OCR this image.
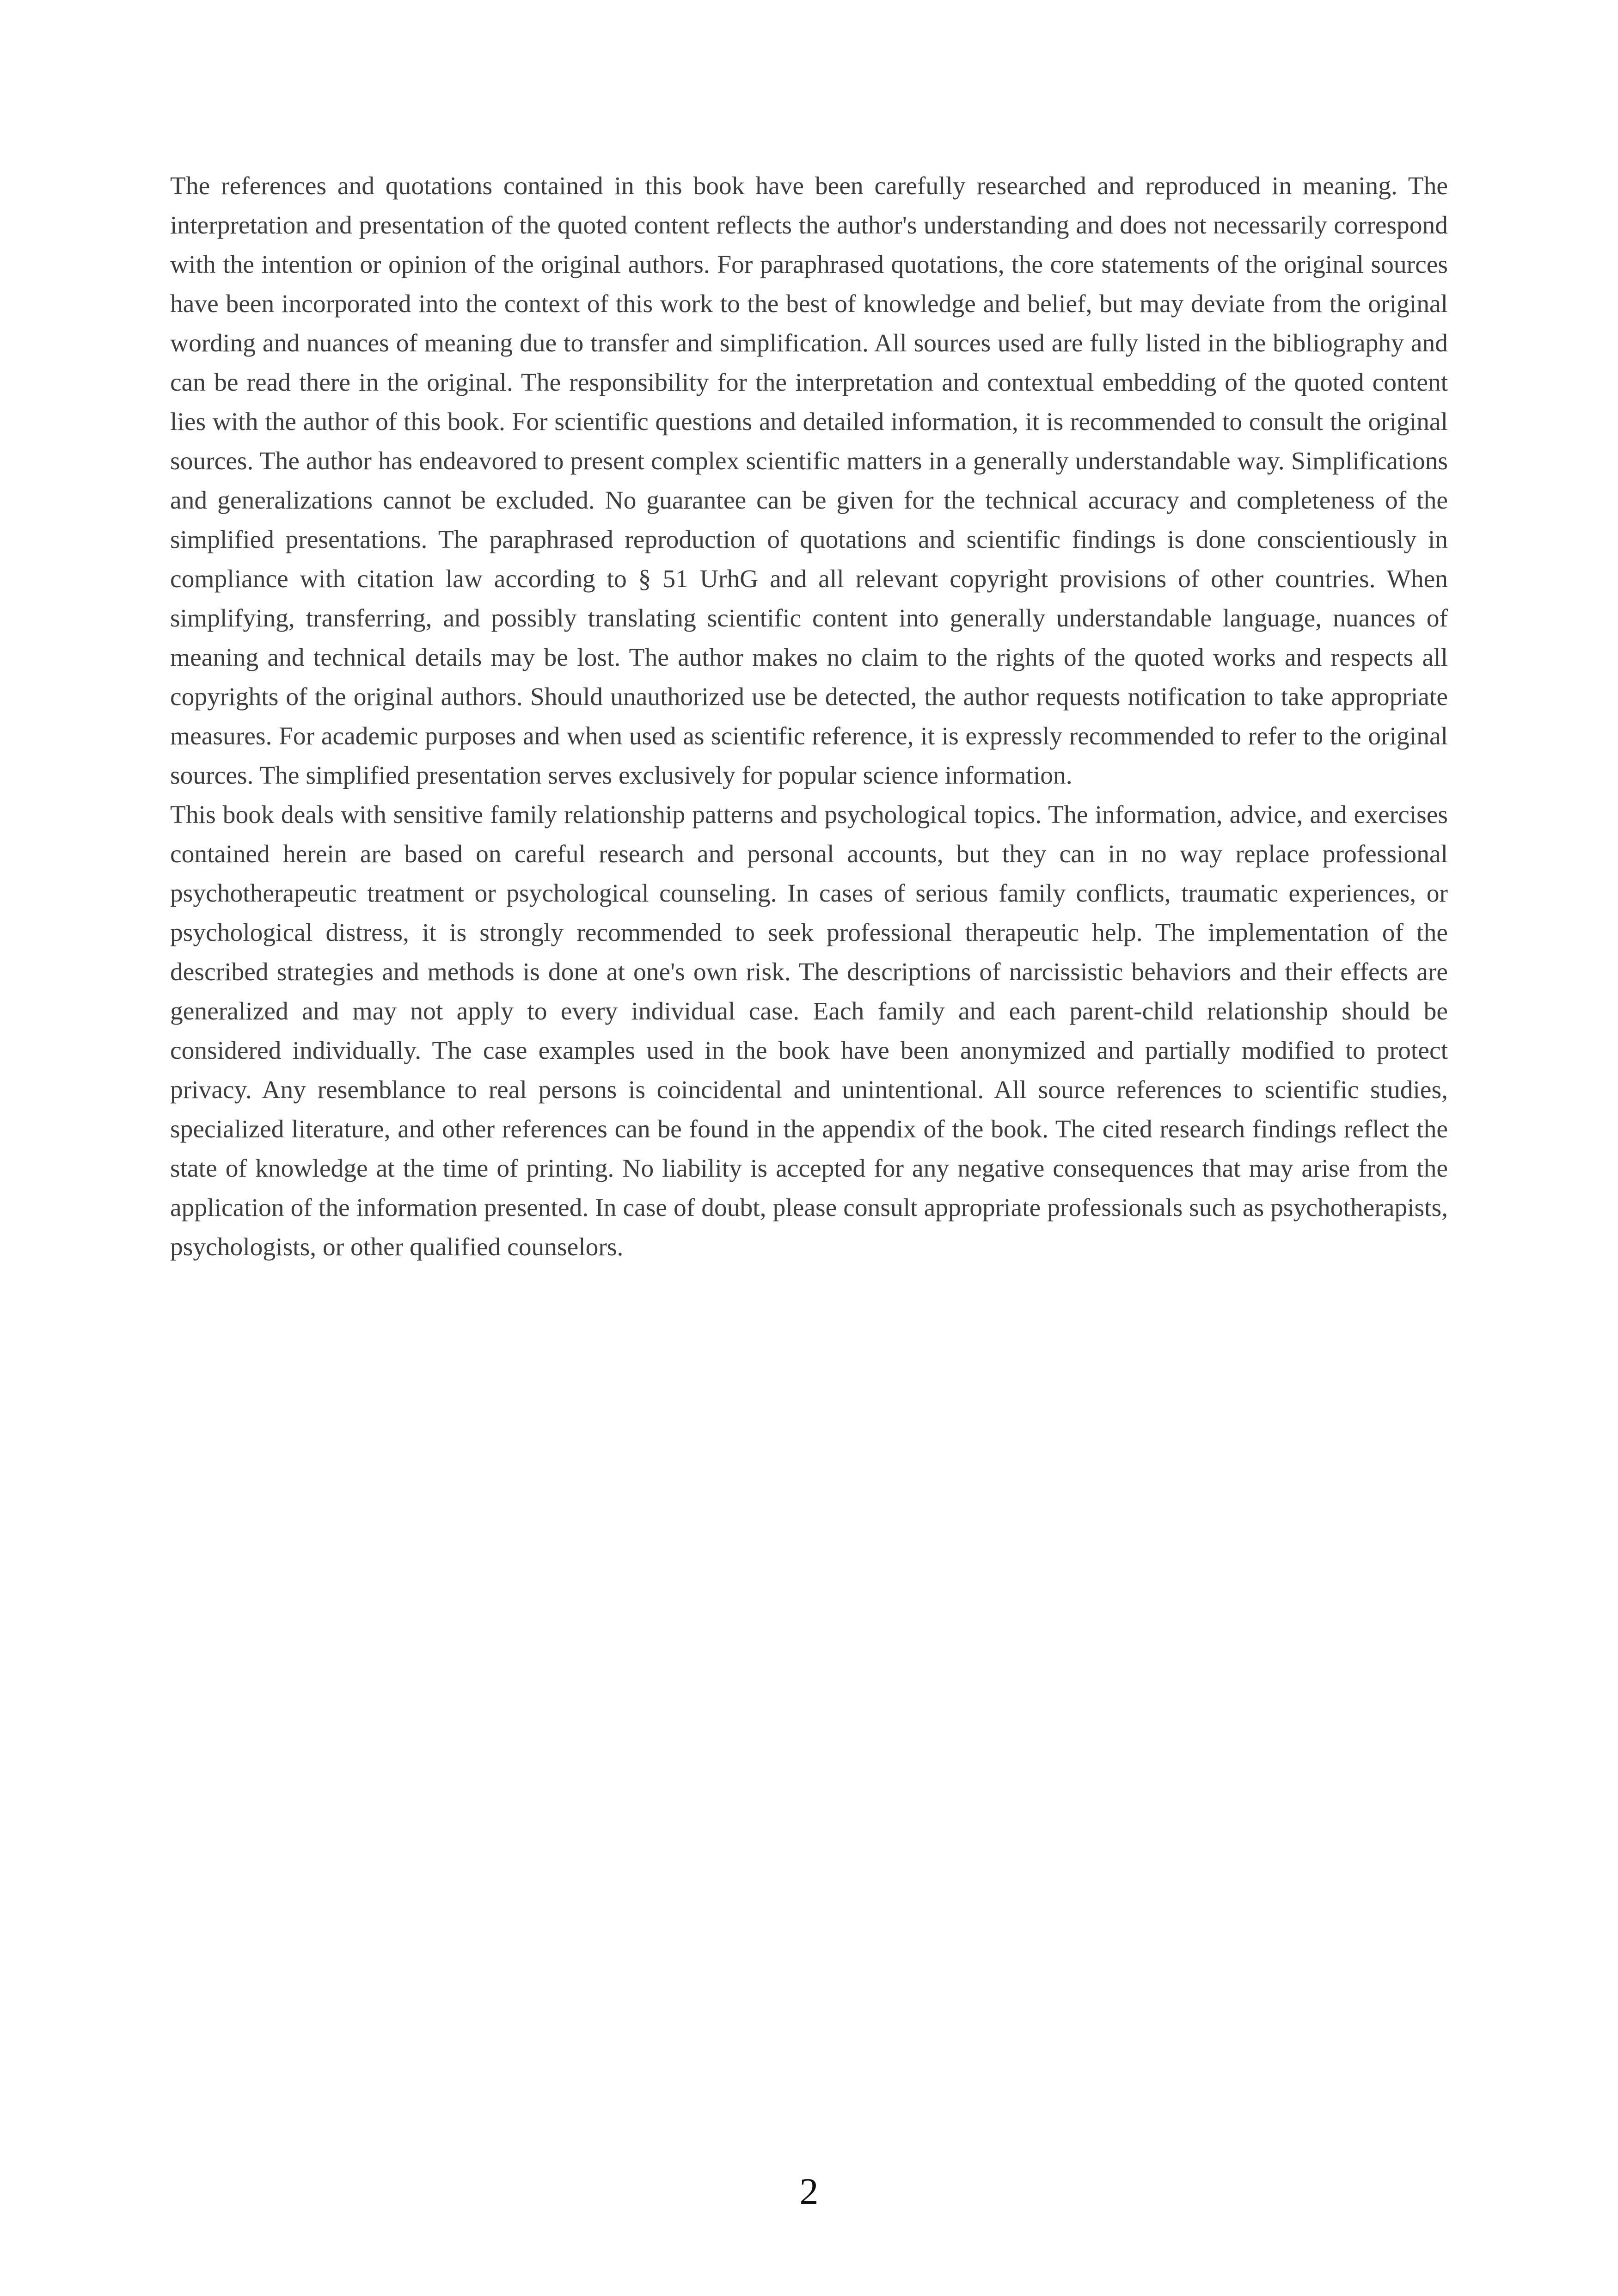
The references and quotations contained in this book have been carefully researched and reproduced in meaning. The interpretation and presentation of the quoted content reflects the author's understanding and does not necessarily correspond with the intention or opinion of the original authors. For paraphrased quotations, the core statements of the original sources have been incorporated into the context of this work to the best of knowledge and belief, but may deviate from the original wording and nuances of meaning due to transfer and simplification. All sources used are fully listed in the bibliography and can be read there in the original. The responsibility for the interpretation and contextual embedding of the quoted content lies with the author of this book. For scientific questions and detailed information, it is recommended to consult the original sources. The author has endeavored to present complex scientific matters in a generally understandable way. Simplifications and generalizations cannot be excluded. No guarantee can be given for the technical accuracy and completeness of the simplified presentations. The paraphrased reproduction of quotations and scientific findings is done conscientiously in compliance with citation law according to § 51 UrhG and all relevant copyright provisions of other countries. When simplifying, transferring, and possibly translating scientific content into generally understandable language, nuances of meaning and technical details may be lost. The author makes no claim to the rights of the quoted works and respects all copyrights of the original authors. Should unauthorized use be detected, the author requests notification to take appropriate measures. For academic purposes and when used as scientific reference, it is expressly recommended to refer to the original sources. The simplified presentation serves exclusively for popular science information.

This book deals with sensitive family relationship patterns and psychological topics. The information, advice, and exercises contained herein are based on careful research and personal accounts, but they can in no way replace professional psychotherapeutic treatment or psychological counseling. In cases of serious family conflicts, traumatic experiences, or psychological distress, it is strongly recommended to seek professional therapeutic help. The implementation of the described strategies and methods is done at one's own risk. The descriptions of narcissistic behaviors and their effects are generalized and may not apply to every individual case. Each family and each parent-child relationship should be considered individually. The case examples used in the book have been anonymized and partially modified to protect privacy. Any resemblance to real persons is coincidental and unintentional. All source references to scientific studies, specialized literature, and other references can be found in the appendix of the book. The cited research findings reflect the state of knowledge at the time of printing. No liability is accepted for any negative consequences that may arise from the application of the information presented. In case of doubt, please consult appropriate professionals such as psychotherapists, psychologists, or other qualified counselors.

2
